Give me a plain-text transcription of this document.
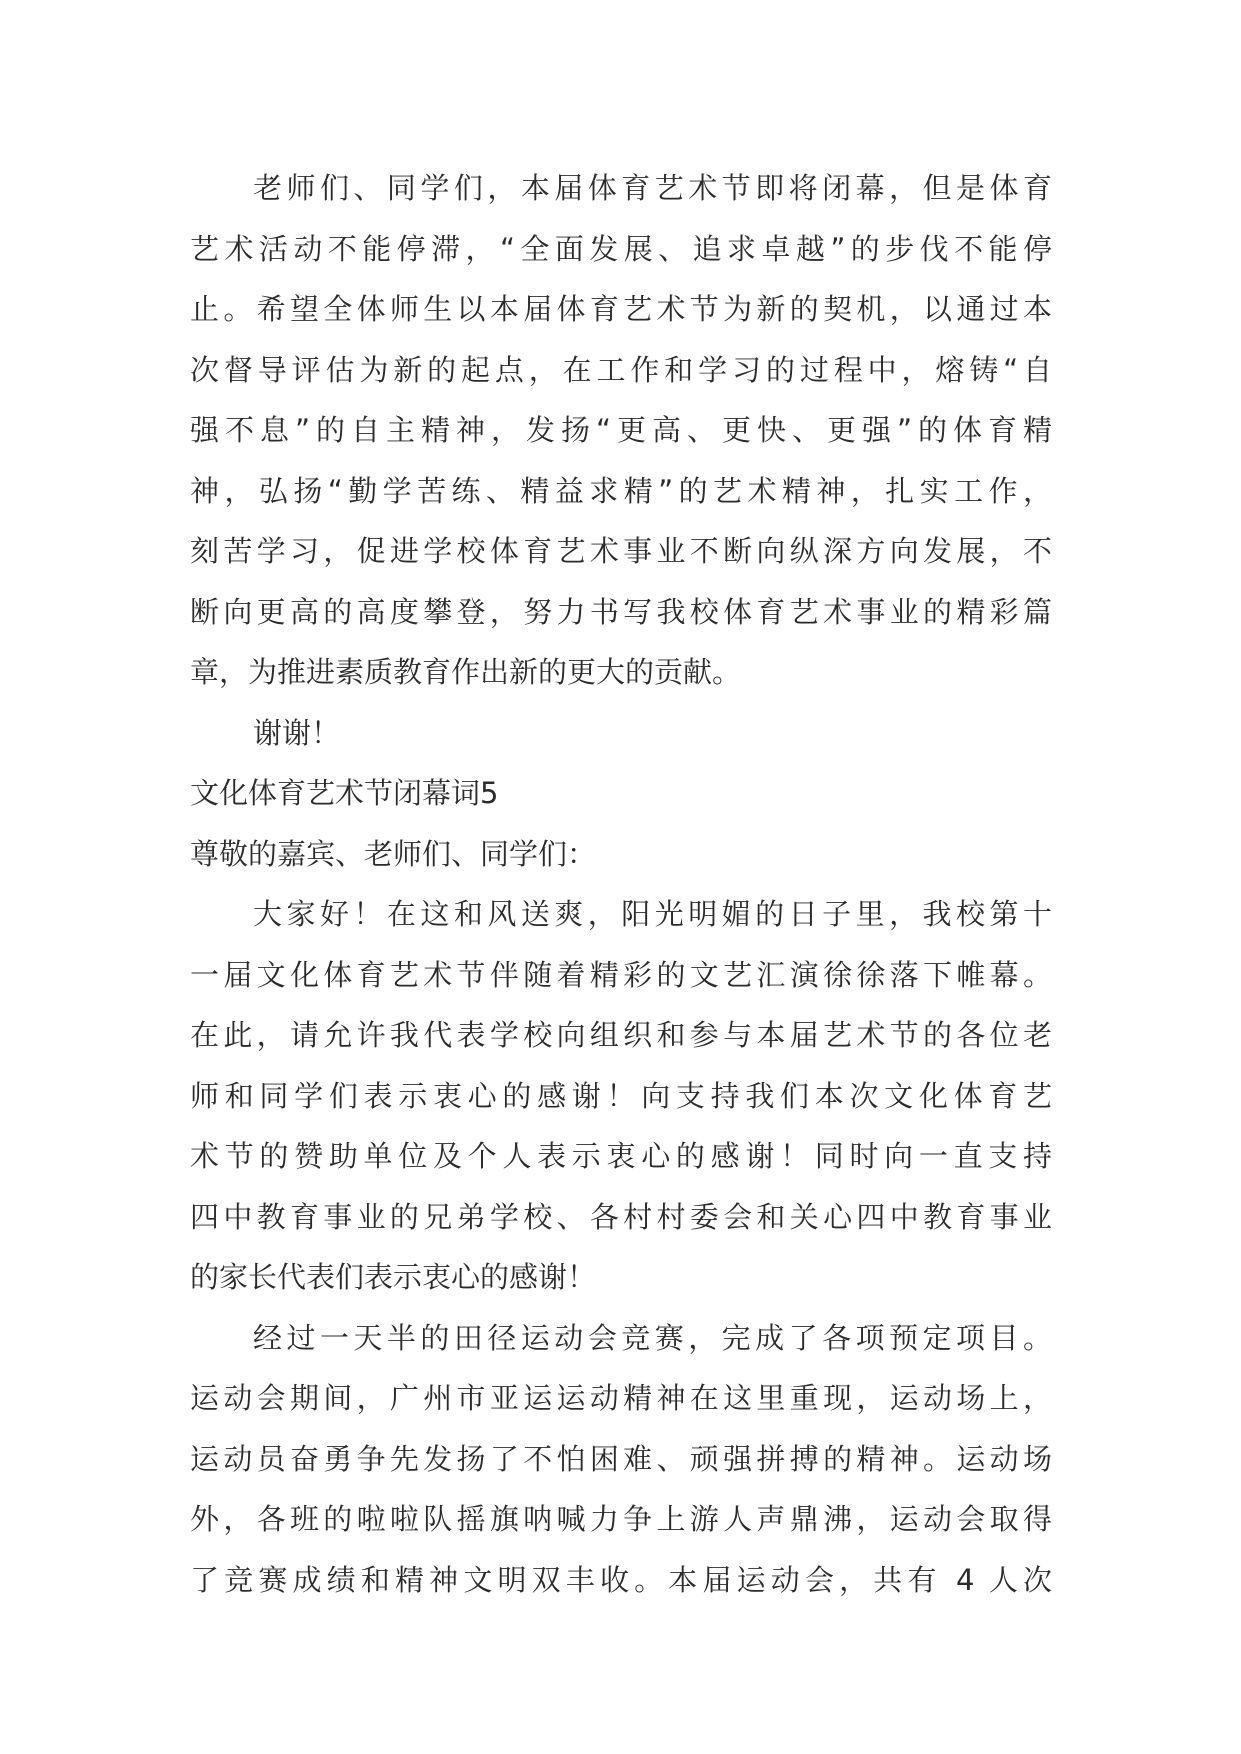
老师们、同学们，本届体育艺术节即将闭幕，但是体育
艺术活动不能停滞，“全面发展、追求卓越”的步伐不能停
止。希望全体师生以本届体育艺术节为新的契机，以通过本
次督导评估为新的起点，在工作和学习的过程中，熔铸“自
强不息”的自主精神，发扬“更高、更快、更强”的体育精
神，弘扬“勤学苦练、精益求精”的艺术精神，扎实工作，
刻苦学习，促进学校体育艺术事业不断向纵深方向发展，不
断向更高的高度攀登，努力书写我校体育艺术事业的精彩篇
章，为推进素质教育作出新的更大的贡献。
谢谢！
文化体育艺术节闭幕词5
尊敬的嘉宾、老师们、同学们：
大家好！在这和风送爽，阳光明媚的日子里，我校第十
一届文化体育艺术节伴随着精彩的文艺汇演徐徐落下帷幕。
在此，请允许我代表学校向组织和参与本届艺术节的各位老
师和同学们表示衷心的感谢！向支持我们本次文化体育艺
术节的赞助单位及个人表示衷心的感谢！同时向一直支持
四中教育事业的兄弟学校、各村村委会和关心四中教育事业
的家长代表们表示衷心的感谢！
经过一天半的田径运动会竞赛，完成了各项预定项目。
运动会期间，广州市亚运运动精神在这里重现，运动场上，
运动员奋勇争先发扬了不怕困难、顽强拼搏的精神。运动场
外，各班的啦啦队摇旗呐喊力争上游人声鼎沸，运动会取得
了竞赛成绩和精神文明双丰收。本届运动会，共有 4 人次
